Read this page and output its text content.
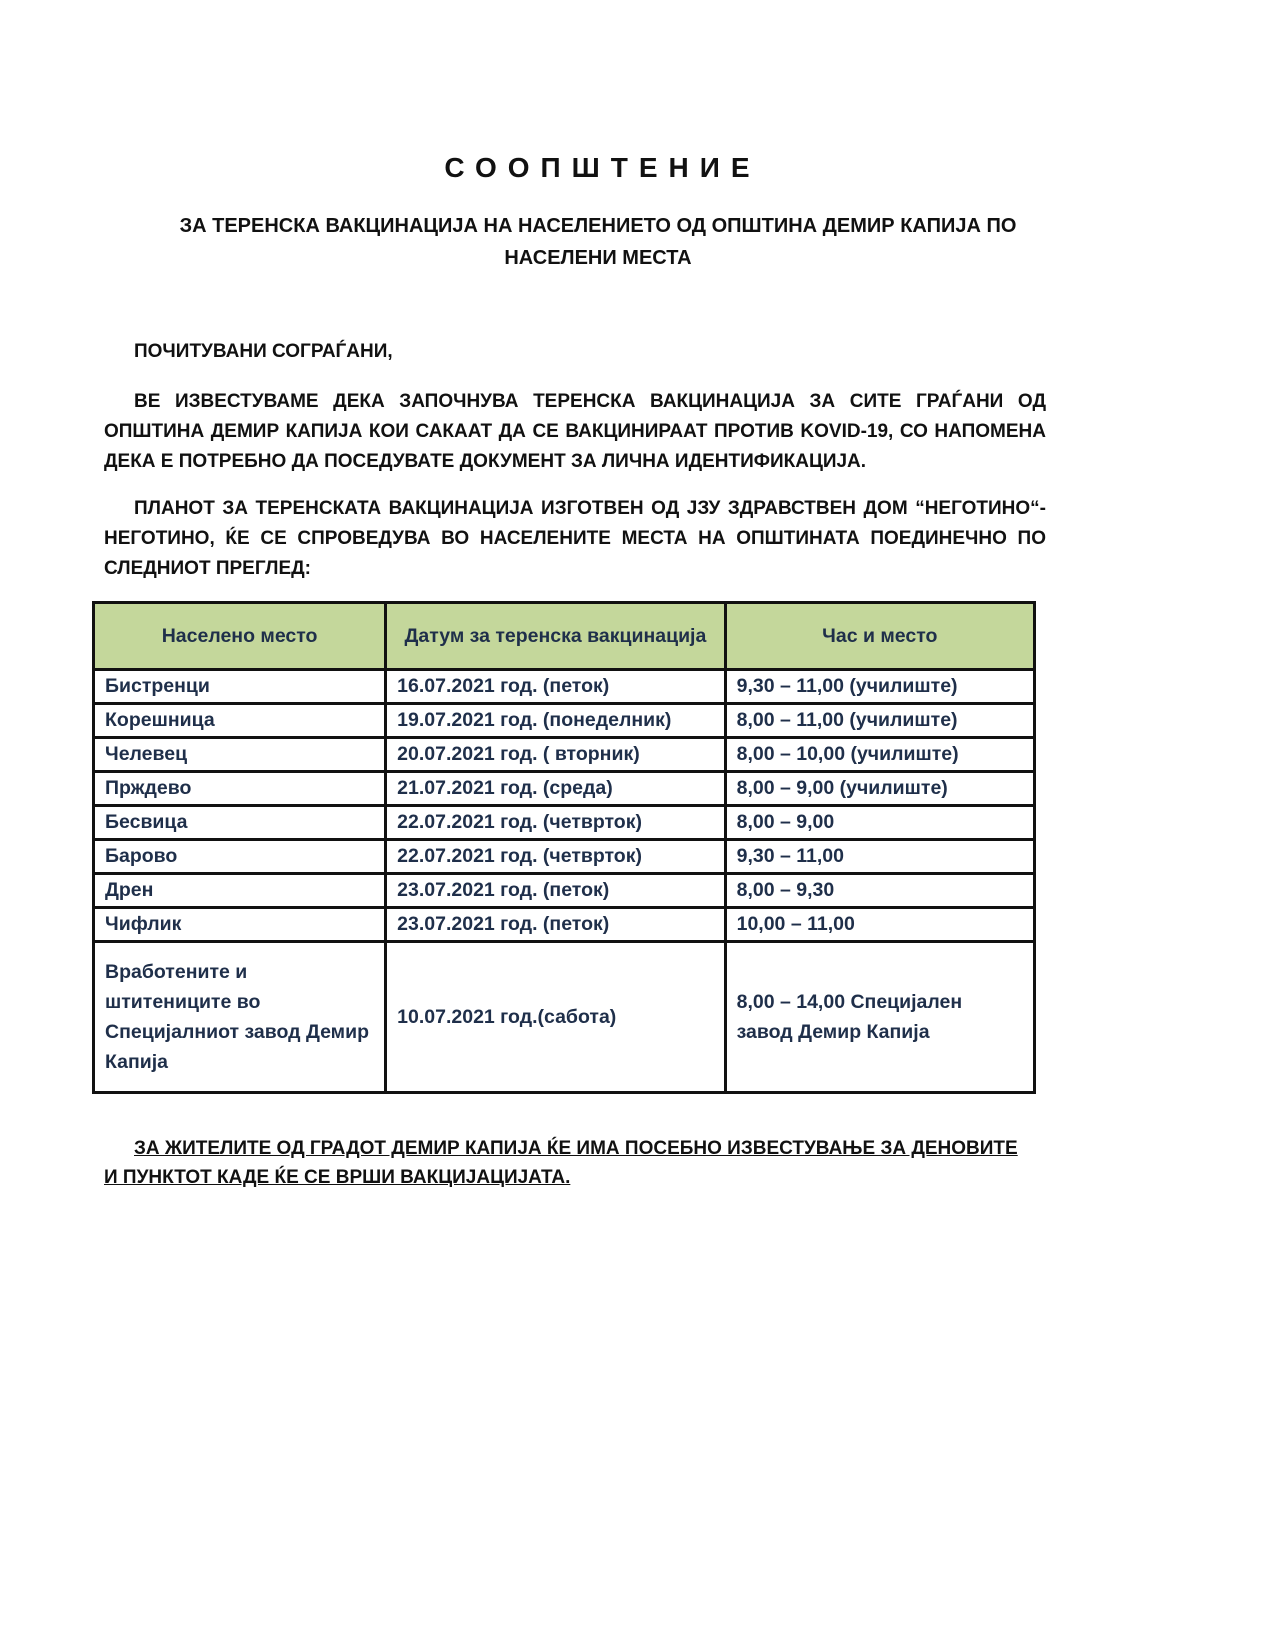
СООПШТЕНИЕ
ЗА ТЕРЕНСКА ВАКЦИНАЦИЈА НА НАСЕЛЕНИЕТО ОД ОПШТИНА ДЕМИР КАПИЈА ПО НАСЕЛЕНИ МЕСТА
ПОЧИТУВАНИ СОГРАЃАНИ,
ВЕ ИЗВЕСТУВАМЕ ДЕКА ЗАПОЧНУВА ТЕРЕНСКА ВАКЦИНАЦИЈА ЗА СИТЕ ГРАЃАНИ ОД ОПШТИНА ДЕМИР КАПИЈА КОИ САКААТ ДА СЕ ВАКЦИНИРААТ ПРОТИВ KOVID-19, СО НАПОМЕНА ДЕКА Е ПОТРЕБНО ДА ПОСЕДУВАТЕ ДОКУМЕНТ ЗА ЛИЧНА ИДЕНТИФИКАЦИЈА.
ПЛАНОТ ЗА ТЕРЕНСКАТА ВАКЦИНАЦИЈА ИЗГОТВЕН ОД ЈЗУ ЗДРАВСТВЕН ДОМ “НЕГОТИНО“- НЕГОТИНО, ЌЕ СЕ СПРОВЕДУВА ВО НАСЕЛЕНИТЕ МЕСТА НА ОПШТИНАТА ПОЕДИНЕЧНО ПО СЛЕДНИОТ ПРЕГЛЕД:
Населено место	Датум за теренска вакцинација	Час и место
Бистренци	16.07.2021 год. (петок)	9,30 – 11,00 (училиште)
Корешница	19.07.2021 год. (понеделник)	8,00 – 11,00 (училиште)
Челевец	20.07.2021 год. ( вторник)	8,00 – 10,00 (училиште)
Прждево	21.07.2021 год. (среда)	8,00 – 9,00 (училиште)
Бесвица	22.07.2021 год. (четврток)	8,00 – 9,00
Барово	22.07.2021 год. (четврток)	9,30 – 11,00
Дрен	23.07.2021 год. (петок)	8,00 – 9,30
Чифлик	23.07.2021 год. (петок)	10,00 – 11,00
Вработените и штитениците во Специјалниот завод Демир Капија	10.07.2021 год.(сабота)	8,00 – 14,00 Специјален завод Демир Капија
ЗА ЖИТЕЛИТЕ ОД ГРАДОТ ДЕМИР КАПИЈА ЌЕ ИМА ПОСЕБНО ИЗВЕСТУВАЊЕ ЗА ДЕНОВИТЕ И ПУНКТОТ КАДЕ ЌЕ СЕ ВРШИ ВАКЦИЈАЦИЈАТА.
